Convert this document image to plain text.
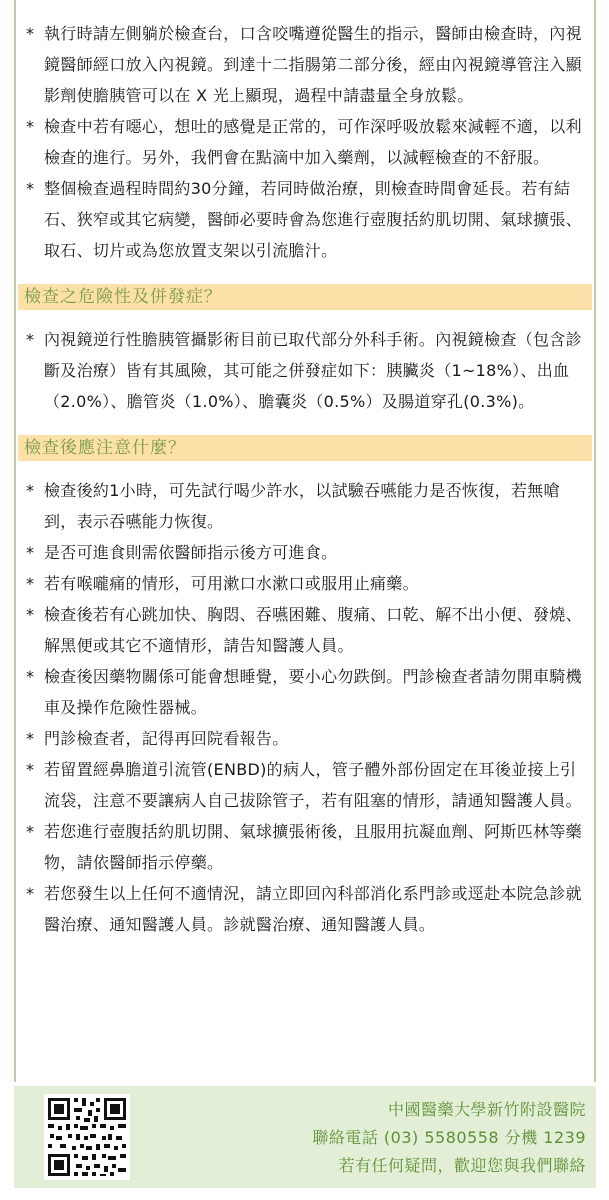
* 執行時請左側躺於檢查台，口含咬嘴遵從醫生的指示，醫師由檢查時，內視鏡醫師經口放入內視鏡。到達十二指腸第二部分後，經由內視鏡導管注入顯影劑使膽胰管可以在 X 光上顯現，過程中請盡量全身放鬆。
* 檢查中若有噁心，想吐的感覺是正常的，可作深呼吸放鬆來減輕不適，以利檢查的進行。另外，我們會在點滴中加入藥劑，以減輕檢查的不舒服。
* 整個檢查過程時間約30分鐘，若同時做治療，則檢查時間會延長。若有結石、狹窄或其它病變，醫師必要時會為您進行壺腹括約肌切開、氣球擴張、取石、切片或為您放置支架以引流膽汁。
檢查之危險性及併發症？
* 內視鏡逆行性膽胰管攝影術目前已取代部分外科手術。內視鏡檢查（包含診斷及治療）皆有其風險，其可能之併發症如下：胰臟炎（1~18%）、出血（2.0%）、膽管炎（1.0%）、膽囊炎（0.5%）及腸道穿孔(0.3%)。
檢查後應注意什麼？
* 檢查後約1小時，可先試行喝少許水，以試驗吞嚥能力是否恢復，若無嗆到，表示吞嚥能力恢復。
* 是否可進食則需依醫師指示後方可進食。
* 若有喉嚨痛的情形，可用漱口水漱口或服用止痛藥。
* 檢查後若有心跳加快、胸悶、吞嚥困難、腹痛、口乾、解不出小便、發燒、解黑便或其它不適情形，請告知醫護人員。
* 檢查後因藥物關係可能會想睡覺，要小心勿跌倒。門診檢查者請勿開車騎機車及操作危險性器械。
* 門診檢查者，記得再回院看報告。
* 若留置經鼻膽道引流管(ENBD)的病人，管子體外部份固定在耳後並接上引流袋，注意不要讓病人自己拔除管子，若有阻塞的情形，請通知醫護人員。
* 若您進行壺腹括約肌切開、氣球擴張術後，且服用抗凝血劑、阿斯匹林等藥物，請依醫師指示停藥。
* 若您發生以上任何不適情況，請立即回內科部消化系門診或逕赴本院急診就醫治療、通知醫護人員。診就醫治療、通知醫護人員。
中國醫藥大學新竹附設醫院
聯絡電話 (03) 5580558 分機 1239
若有任何疑問，歡迎您與我們聯絡
